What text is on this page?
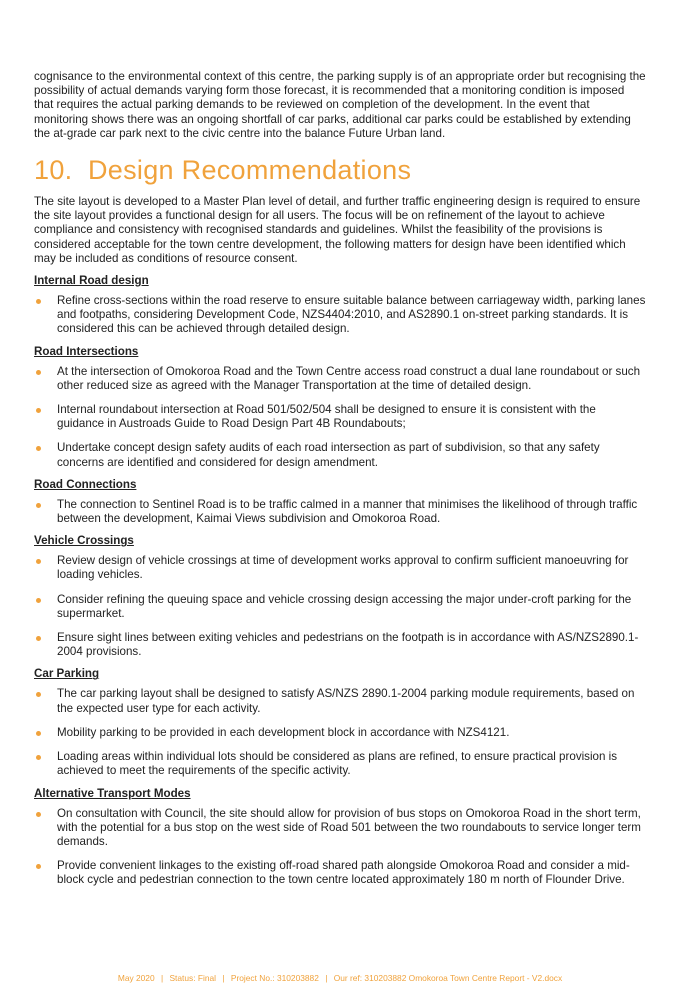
cognisance to the environmental context of this centre, the parking supply is of an appropriate order but recognising the possibility of actual demands varying form those forecast, it is recommended that a monitoring condition is imposed that requires the actual parking demands to be reviewed on completion of the development. In the event that monitoring shows there was an ongoing shortfall of car parks, additional car parks could be established by extending the at-grade car park next to the civic centre into the balance Future Urban land.

10. Design Recommendations

The site layout is developed to a Master Plan level of detail, and further traffic engineering design is required to ensure the site layout provides a functional design for all users. The focus will be on refinement of the layout to achieve compliance and consistency with recognised standards and guidelines. Whilst the feasibility of the provisions is considered acceptable for the town centre development, the following matters for design have been identified which may be included as conditions of resource consent.

Internal Road design
Refine cross-sections within the road reserve to ensure suitable balance between carriageway width, parking lanes and footpaths, considering Development Code, NZS4404:2010, and AS2890.1 on-street parking standards. It is considered this can be achieved through detailed design.
Road Intersections
At the intersection of Omokoroa Road and the Town Centre access road construct a dual lane roundabout or such other reduced size as agreed with the Manager Transportation at the time of detailed design.
Internal roundabout intersection at Road 501/502/504 shall be designed to ensure it is consistent with the guidance in Austroads Guide to Road Design Part 4B Roundabouts;
Undertake concept design safety audits of each road intersection as part of subdivision, so that any safety concerns are identified and considered for design amendment.
Road Connections
The connection to Sentinel Road is to be traffic calmed in a manner that minimises the likelihood of through traffic between the development, Kaimai Views subdivision and Omokoroa Road.
Vehicle Crossings
Review design of vehicle crossings at time of development works approval to confirm sufficient manoeuvring for loading vehicles.
Consider refining the queuing space and vehicle crossing design accessing the major under-croft parking for the supermarket.
Ensure sight lines between exiting vehicles and pedestrians on the footpath is in accordance with AS/NZS2890.1-2004 provisions.
Car Parking
The car parking layout shall be designed to satisfy AS/NZS 2890.1-2004 parking module requirements, based on the expected user type for each activity.
Mobility parking to be provided in each development block in accordance with NZS4121.
Loading areas within individual lots should be considered as plans are refined, to ensure practical provision is achieved to meet the requirements of the specific activity.
Alternative Transport Modes
On consultation with Council, the site should allow for provision of bus stops on Omokoroa Road in the short term, with the potential for a bus stop on the west side of Road 501 between the two roundabouts to service longer term demands.
Provide convenient linkages to the existing off-road shared path alongside Omokoroa Road and consider a mid-block cycle and pedestrian connection to the town centre located approximately 180 m north of Flounder Drive.
May 2020 | Status: Final | Project No.: 310203882 | Our ref: 310203882 Omokoroa Town Centre Report - V2.docx
